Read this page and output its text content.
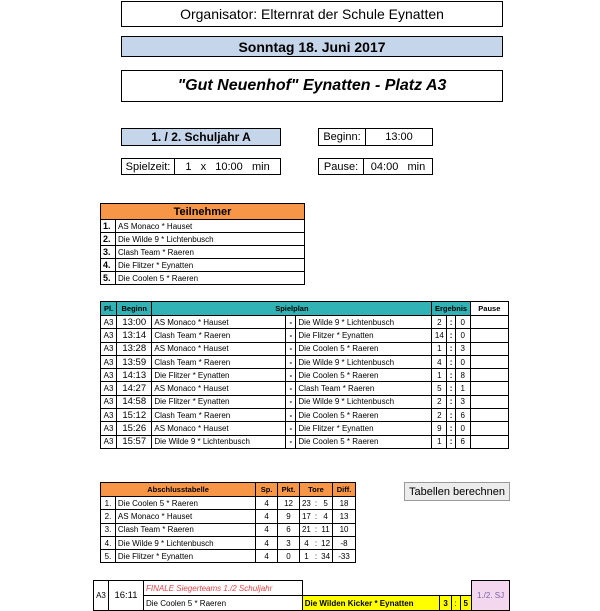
Organisator: Elternrat der Schule Eynatten
Sonntag 18. Juni 2017
"Gut Neuenhof" Eynatten - Platz A3
1. / 2. Schuljahr A	Beginn: 13:00
Spielzeit: 1   x   10:00   min	Pause: 04:00   min
Teilnehmer	
1.	AS Monaco * Hauset
2.	Die Wilde 9 * Lichtenbusch
3.	Clash Team * Raeren
4.	Die Flitzer * Eynatten
5.	Die Coolen 5 * Raeren
Pl.	Beginn	Spielplan			Ergebnis			Pause
A3	13:00	AS Monaco * Hauset	-	Die Wilde 9 * Lichtenbusch	2	:	0	
A3	13:14	Clash Team * Raeren	-	Die Flitzer * Eynatten	14	:	0	
A3	13:28	AS Monaco * Hauset	-	Die Coolen 5 * Raeren	1	:	3	
A3	13:59	Clash Team * Raeren	-	Die Wilde 9 * Lichtenbusch	4	:	0	
A3	14:13	Die Flitzer * Eynatten	-	Die Coolen 5 * Raeren	1	:	8	
A3	14:27	AS Monaco * Hauset	-	Clash Team * Raeren	5	:	1	
A3	14:58	Die Flitzer * Eynatten	-	Die Wilde 9 * Lichtenbusch	2	:	3	
A3	15:12	Clash Team * Raeren	-	Die Coolen 5 * Raeren	2	:	6	
A3	15:26	AS Monaco * Hauset	-	Die Flitzer * Eynatten	9	:	0	
A3	15:57	Die Wilde 9 * Lichtenbusch	-	Die Coolen 5 * Raeren	1	:	6	
Abschlusstabelle		Sp.	Pkt.	Tore			Diff.
1.	Die Coolen 5 * Raeren	4	12	23	:	5	18
2.	AS Monaco * Hauset	4	9	17	:	4	13
3.	Clash Team * Raeren	4	6	21	:	11	10
4.	Die Wilde 9 * Lichtenbusch	4	3	4	:	12	-8
5.	Die Flitzer * Eynatten	4	0	1	:	34	-33
Tabellen berechnen
A3	16:11	FINALE Siegerteams 1./2 Schuljahr					1./2. SJ
		Die Coolen 5 * Raeren	Die Wilden Kicker * Eynatten	3	:	5	
